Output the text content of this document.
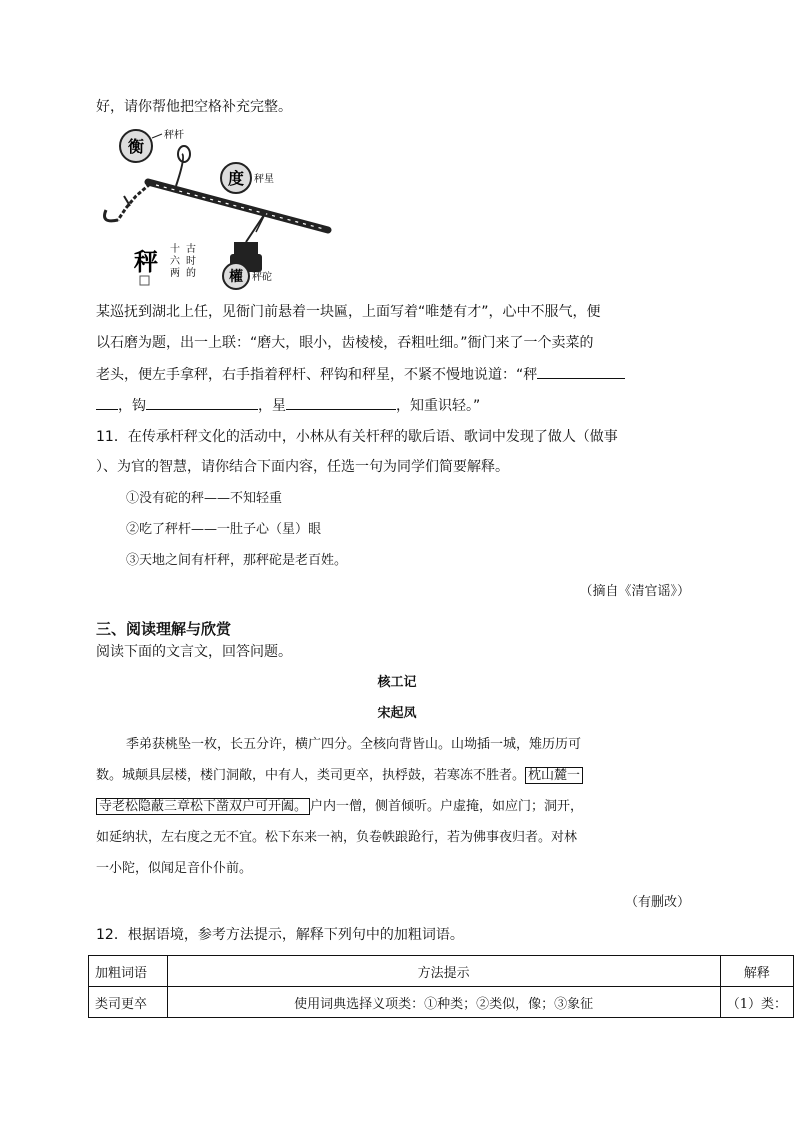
好，请你帮他把空格补充完整。
衡
秤杆
度 秤星
權 秤砣
秤 十
六
两
古
时
的
某巡抚到湖北上任，见衙门前悬着一块匾，上面写着“唯楚有才”，心中不服气，便
以石磨为题，出一上联：“磨大，眼小，齿棱棱，吞粗吐细。”衙门来了一个卖菜的
老头，便左手拿秤，右手指着秤杆、秤钩和秤星，不紧不慢地说道：“秤
，钩	，星	，知重识轻。”
11．在传承杆秤文化的活动中，小林从有关杆秤的歇后语、歌词中发现了做人（做事
）、为官的智慧，请你结合下面内容，任选一句为同学们简要解释。
①没有砣的秤——不知轻重
②吃了秤杆——一肚子心（星）眼
③天地之间有杆秤，那秤砣是老百姓。
（摘自《清官谣》）
三、阅读理解与欣赏
阅读下面的文言文，回答问题。
核工记
宋起凤
季弟获桃坠一枚，长五分许，横广四分。全核向背皆山。山坳插一城，雉历历可
数。城颠具层楼，楼门洞敞，中有人，类司更卒，执桴鼓，若寒冻不胜者。 枕山麓一
寺老松隐蔽三章松下凿双户可开阖。 户内一僧，侧首倾听。户虚掩，如应门；洞开，
如延纳状，左右度之无不宜。松下东来一衲，负卷帙踉跄行，若为佛事夜归者。对林
一小陀，似闻足音仆仆前。
（有删改）
12．根据语境，参考方法提示，解释下列句中的加粗词语。
加粗词语	方法提示	解释
类司更卒	使用词典选择义项类：①种类；②类似，像；③象征	（1）类：
